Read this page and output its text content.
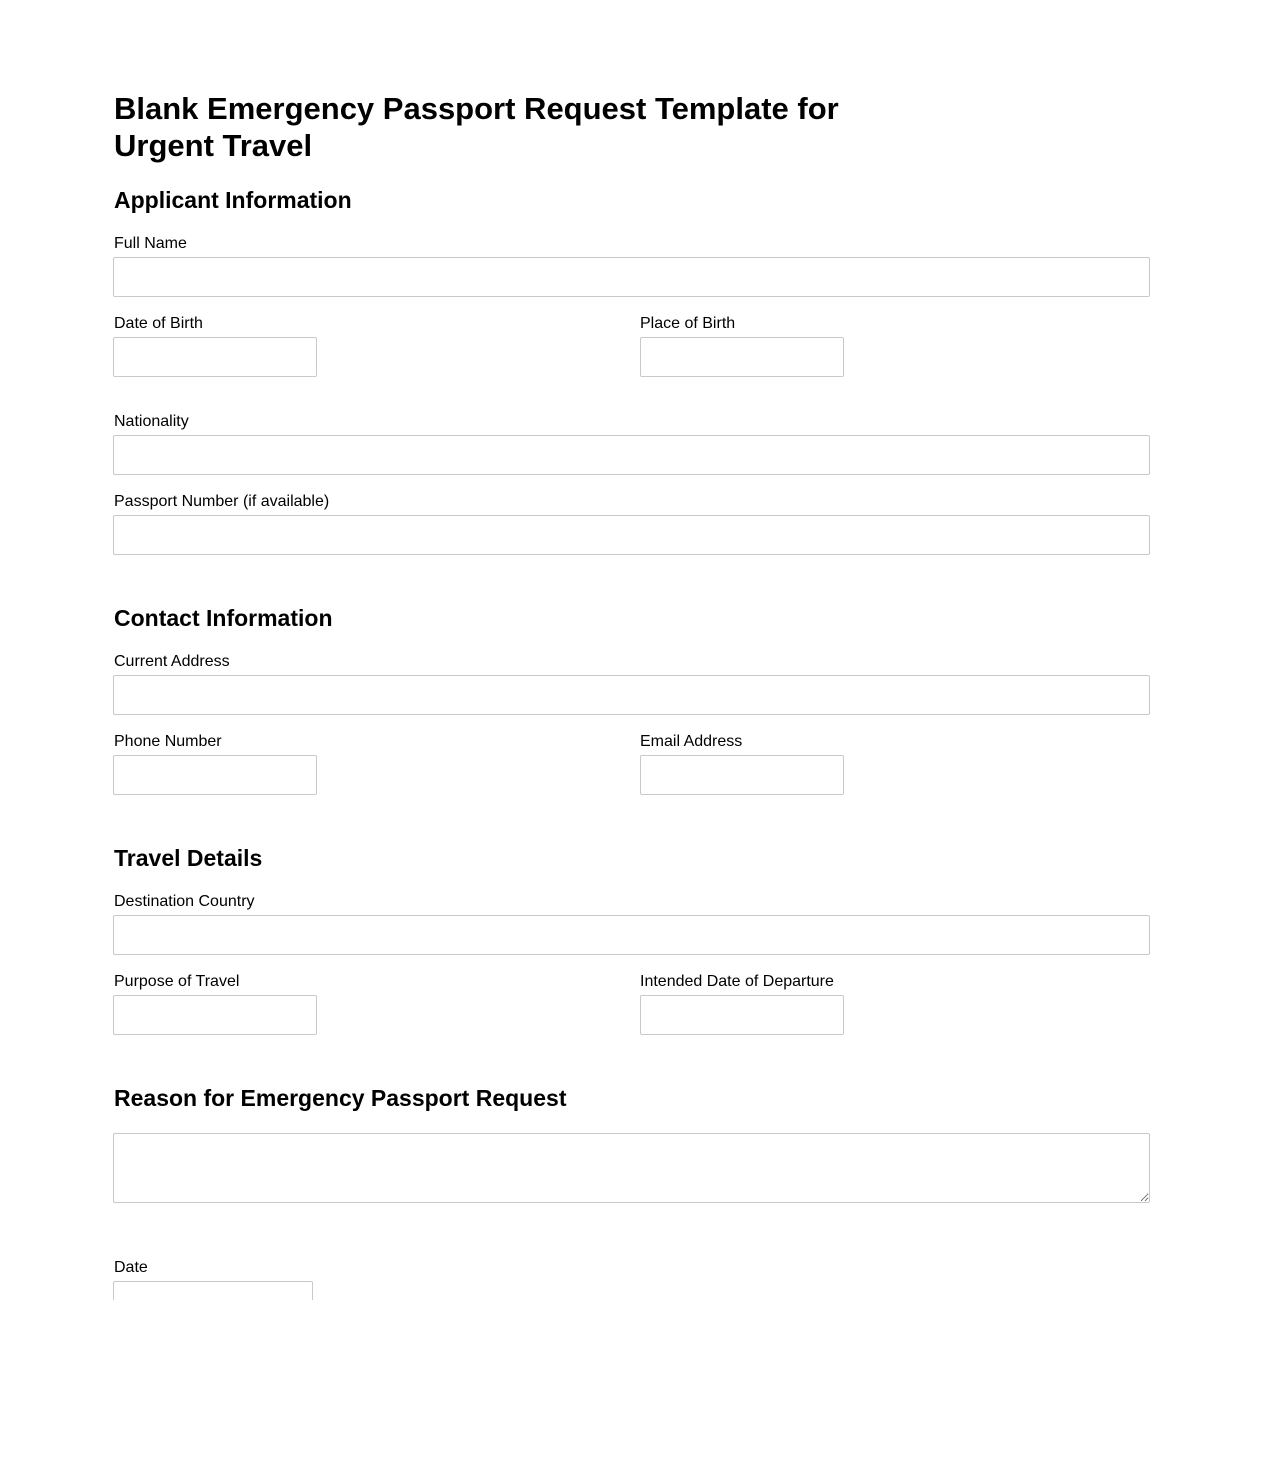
Blank Emergency Passport Request Template for Urgent Travel
Applicant Information
Full Name
Date of Birth	Place of Birth
Nationality
Passport Number (if available)
Contact Information
Current Address
Phone Number	Email Address
Travel Details
Destination Country
Purpose of Travel	Intended Date of Departure
Reason for Emergency Passport Request
Date
